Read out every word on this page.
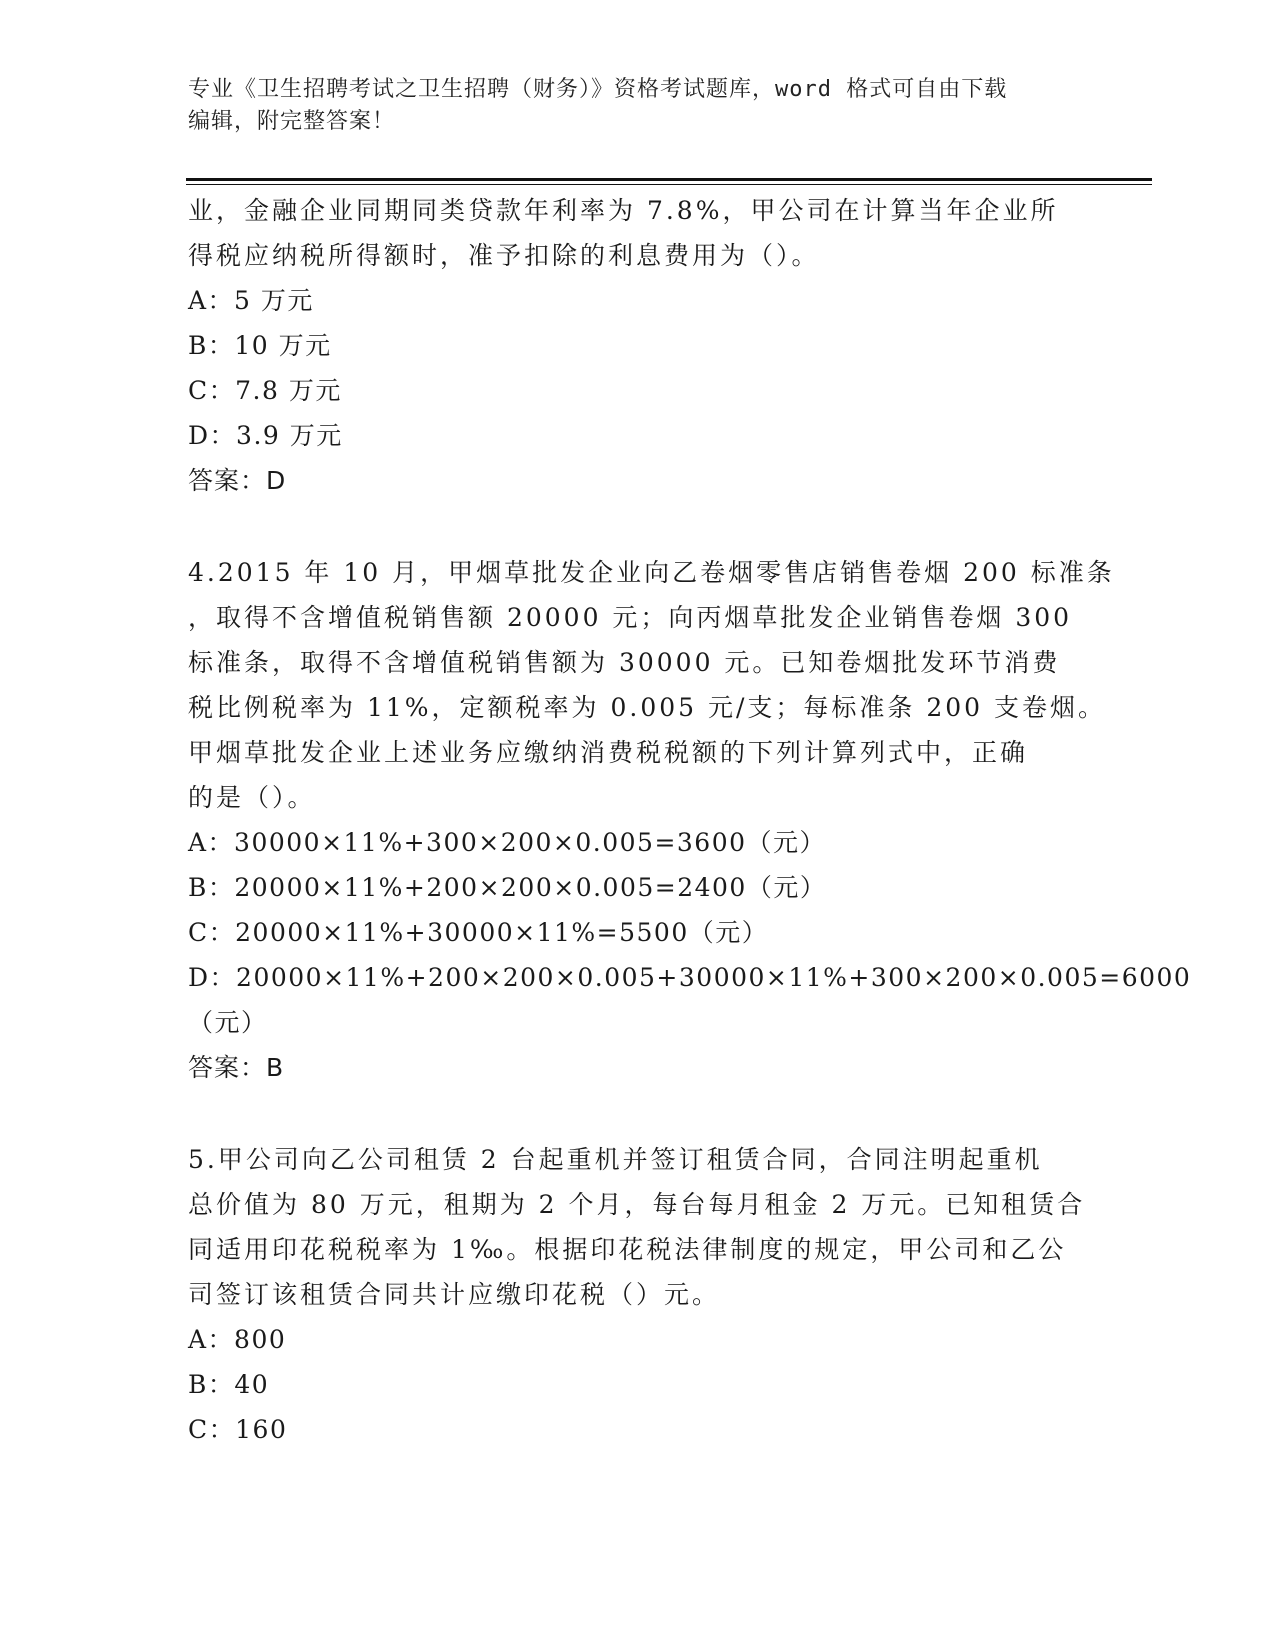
专业《卫生招聘考试之卫生招聘（财务）》资格考试题库，word 格式可自由下载
编辑，附完整答案！
业，金融企业同期同类贷款年利率为 7.8%，甲公司在计算当年企业所
得税应纳税所得额时，准予扣除的利息费用为（）。
A：5 万元
B：10 万元
C：7.8 万元
D：3.9 万元
答案：D
4.2015 年 10 月，甲烟草批发企业向乙卷烟零售店销售卷烟 200 标准条
，取得不含增值税销售额 20000 元；向丙烟草批发企业销售卷烟 300
标准条，取得不含增值税销售额为 30000 元。已知卷烟批发环节消费
税比例税率为 11%，定额税率为 0.005 元/支；每标准条 200 支卷烟。
甲烟草批发企业上述业务应缴纳消费税税额的下列计算列式中，正确
的是（）。
A：30000×11%+300×200×0.005=3600（元）
B：20000×11%+200×200×0.005=2400（元）
C：20000×11%+30000×11%=5500（元）
D：20000×11%+200×200×0.005+30000×11%+300×200×0.005=6000
（元）
答案：B
5.甲公司向乙公司租赁 2 台起重机并签订租赁合同，合同注明起重机
总价值为 80 万元，租期为 2 个月，每台每月租金 2 万元。已知租赁合
同适用印花税税率为 1‰。根据印花税法律制度的规定，甲公司和乙公
司签订该租赁合同共计应缴印花税（）元。
A：800
B：40
C：160
